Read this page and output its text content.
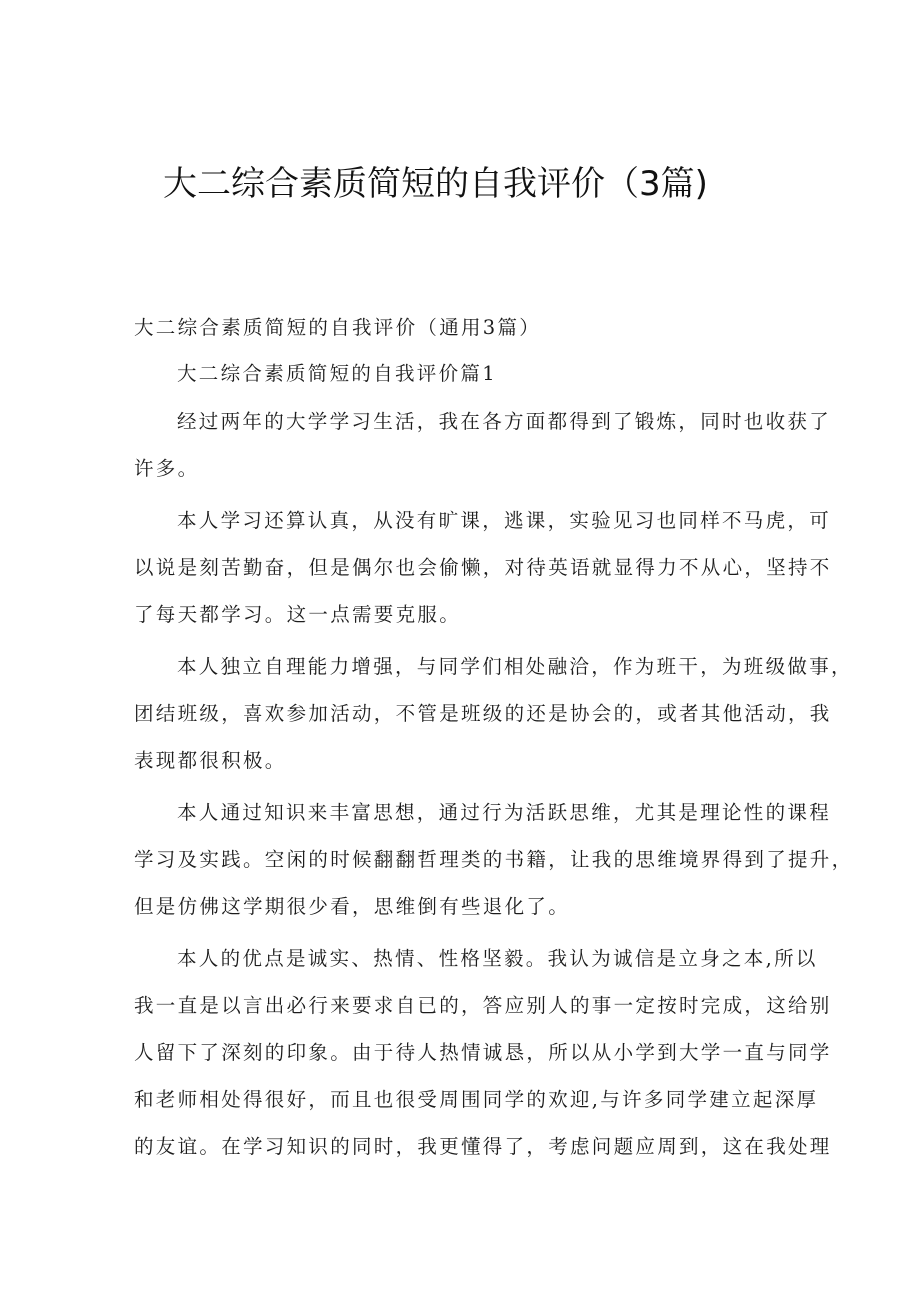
大二综合素质简短的自我评价（3篇)

大二综合素质简短的自我评价（通用3篇）

大二综合素质简短的自我评价篇1

经过两年的大学学习生活，我在各方面都得到了锻炼，同时也收获了

许多。

本人学习还算认真，从没有旷课，逃课，实验见习也同样不马虎，可

以说是刻苦勤奋，但是偶尔也会偷懒，对待英语就显得力不从心，坚持不

了每天都学习。这一点需要克服。

本人独立自理能力增强，与同学们相处融洽，作为班干，为班级做事，

团结班级，喜欢参加活动，不管是班级的还是协会的，或者其他活动，我

表现都很积极。

本人通过知识来丰富思想，通过行为活跃思维，尤其是理论性的课程

学习及实践。空闲的时候翻翻哲理类的书籍，让我的思维境界得到了提升，

但是仿佛这学期很少看，思维倒有些退化了。

本人的优点是诚实、热情、性格坚毅。我认为诚信是立身之本,所以

我一直是以言出必行来要求自已的，答应别人的事一定按时完成，这给别

人留下了深刻的印象。由于待人热情诚恳，所以从小学到大学一直与同学

和老师相处得很好，而且也很受周围同学的欢迎,与许多同学建立起深厚

的友谊。在学习知识的同时，我更懂得了，考虑问题应周到，这在我处理
